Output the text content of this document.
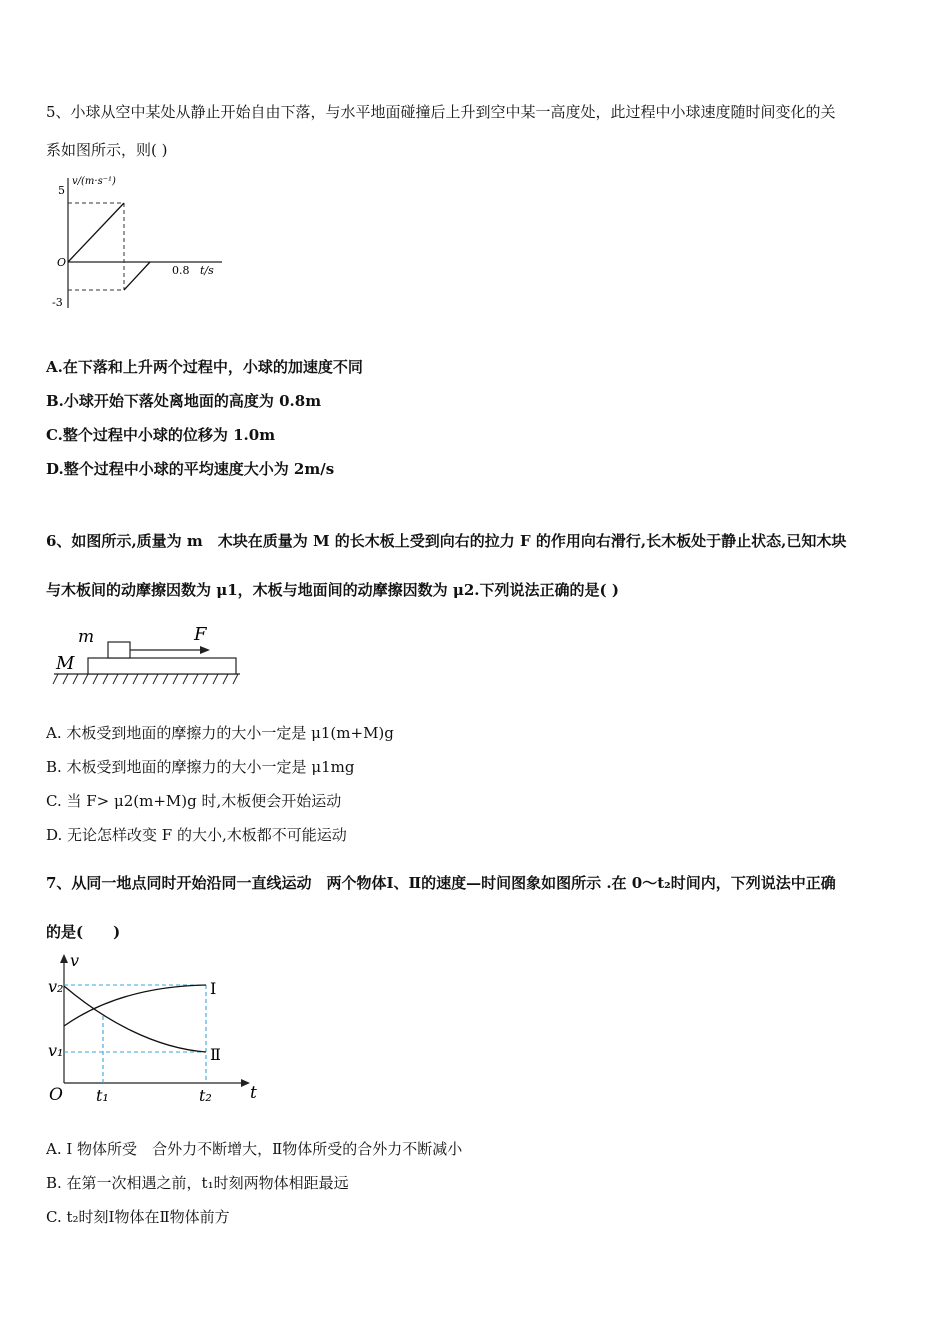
5、小球从空中某处从静止开始自由下落，与水平地面碰撞后上升到空中某一高度处，此过程中小球速度随时间变化的关
系如图所示，则( )
v/(m·s⁻¹)
5
O
-3
0.8 t/s
A.在下落和上升两个过程中，小球的加速度不同
B.小球开始下落处离地面的高度为 0.8m
C.整个过程中小球的位移为 1.0m
D.整个过程中小球的平均速度大小为 2m/s
6、如图所示,质量为 m　木块在质量为 M 的长木板上受到向右的拉力 F 的作用向右滑行,长木板处于静止状态,已知木块
与木板间的动摩擦因数为 μ1，木板与地面间的动摩擦因数为 μ2.下列说法正确的是( )
m
M
F
A. 木板受到地面的摩擦力的大小一定是 μ1(m+M)g
B. 木板受到地面的摩擦力的大小一定是 μ1mg
C. 当 F> μ2(m+M)g 时,木板便会开始运动
D. 无论怎样改变 F 的大小,木板都不可能运动
7、从同一地点同时开始沿同一直线运动　两个物体Ⅰ、Ⅱ的速度—时间图象如图所示 .在 0～t₂时间内，下列说法中正确
的是(　　)
v
v₂
v₁
O t₁	t₂ t
Ⅰ
Ⅱ
A. Ⅰ 物体所受　合外力不断增大，Ⅱ物体所受的合外力不断减小
B. 在第一次相遇之前，t₁时刻两物体相距最远
C. t₂时刻Ⅰ物体在Ⅱ物体前方
